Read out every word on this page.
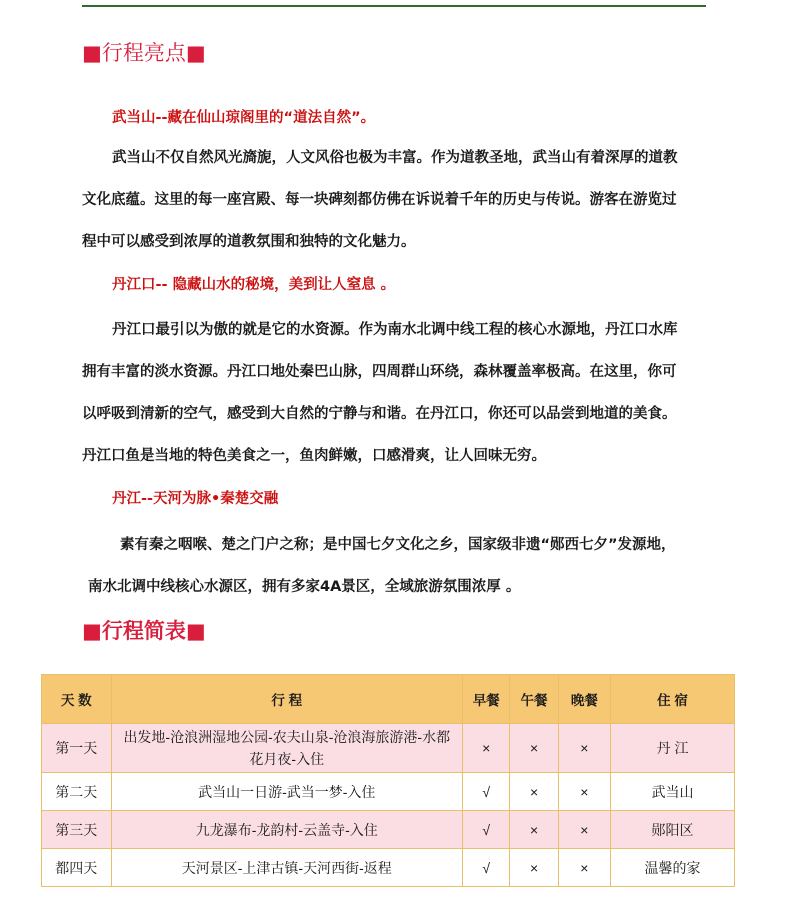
■行程亮点■

武当山--藏在仙山琼阁里的“道法自然”。

武当山不仅自然风光旖旎，人文风俗也极为丰富。作为道教圣地，武当山有着深厚的道教
文化底蕴。这里的每一座宫殿、每一块碑刻都仿佛在诉说着千年的历史与传说。游客在游览过
程中可以感受到浓厚的道教氛围和独特的文化魅力。

丹江口-- 隐藏山水的秘境，美到让人窒息 。

丹江口最引以为傲的就是它的水资源。作为南水北调中线工程的核心水源地，丹江口水库
拥有丰富的淡水资源。丹江口地处秦巴山脉，四周群山环绕，森林覆盖率极高。在这里，你可
以呼吸到清新的空气，感受到大自然的宁静与和谐。在丹江口，你还可以品尝到地道的美食。
丹江口鱼是当地的特色美食之一，鱼肉鲜嫩，口感滑爽，让人回味无穷。

丹江--天河为脉•秦楚交融

素有秦之咽喉、楚之门户之称；是中国七夕文化之乡，国家级非遗“郧西七夕”发源地，
南水北调中线核心水源区，拥有多家4A景区，全域旅游氛围浓厚 。

■行程简表■
天 数	行 程	早餐	午餐	晚餐	住 宿
第一天	出发地-沧浪洲湿地公园-农夫山泉-沧浪海旅游港-水都花月夜-入住	×	×	×	丹 江
第二天	武当山一日游-武当一梦-入住	√	×	×	武当山
第三天	九龙瀑布-龙韵村-云盖寺-入住	√	×	×	郧阳区
都四天	天河景区-上津古镇-天河西街-返程	√	×	×	温馨的家
